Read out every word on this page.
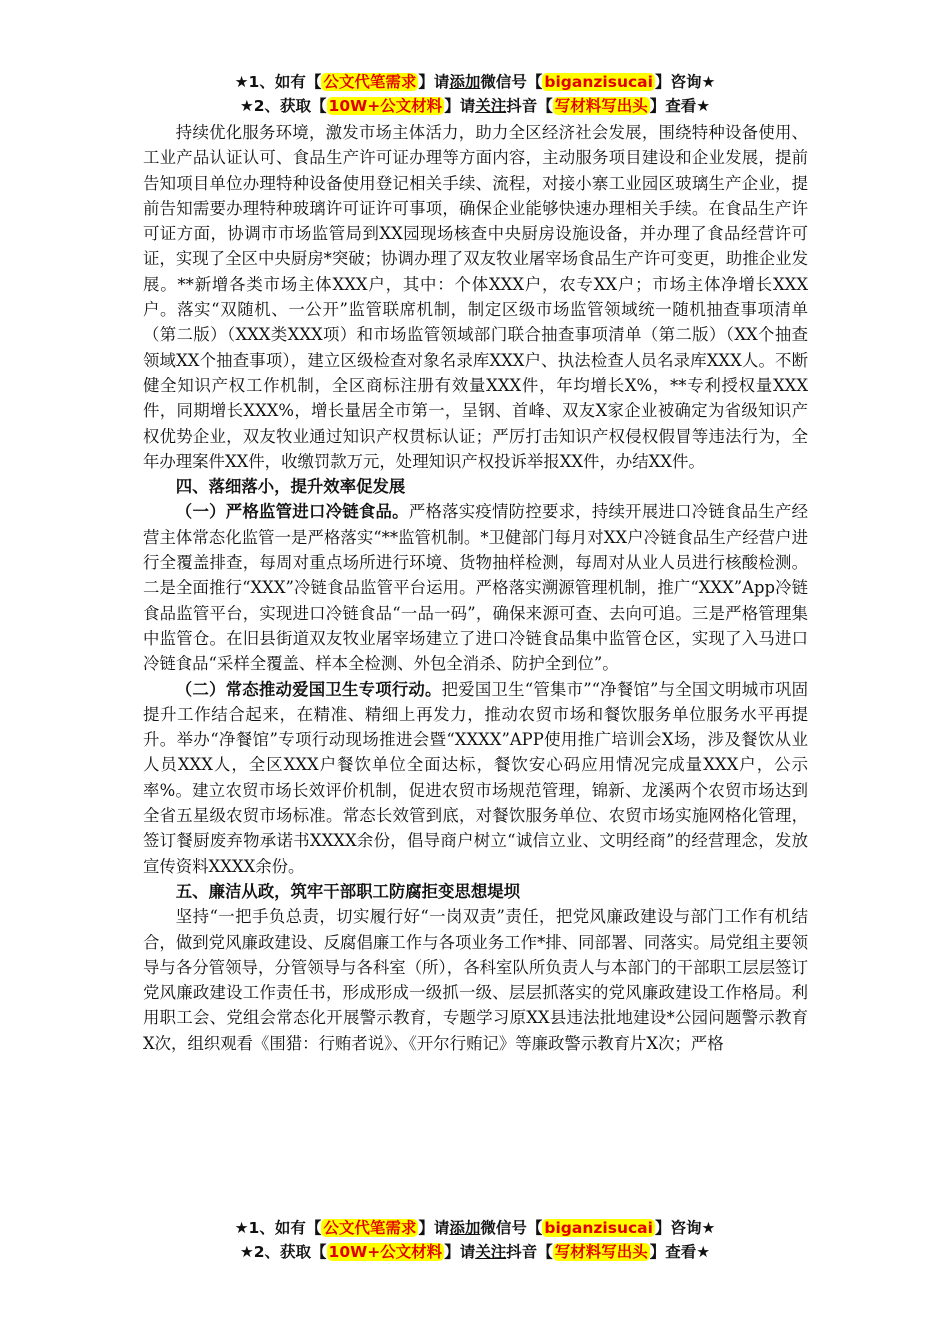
★1、如有【 公文代笔需求 】请添加微信号【 biganzisucai 】咨询★
★2、获取【 10W+公文材料 】请关注抖音【 写材料写出头 】查看★

持续优化服务环境，激发市场主体活力，助力全区经济社会发展，围绕特种设备使用、工业产品认证认可、食品生产许可证办理等方面内容，主动服务项目建设和企业发展，提前告知项目单位办理特种设备使用登记相关手续、流程，对接小寨工业园区玻璃生产企业，提前告知需要办理特种玻璃许可证许可事项，确保企业能够快速办理相关手续。在食品生产许可证方面，协调市市场监管局到XX园现场核查中央厨房设施设备，并办理了食品经营许可证，实现了全区中央厨房*突破；协调办理了双友牧业屠宰场食品生产许可变更，助推企业发展。**新增各类市场主体XXX户，其中：个体XXX户，农专XX户；市场主体净增长XXX户。落实“双随机、一公开”监管联席机制，制定区级市场监管领域统一随机抽查事项清单（第二版）（XXX类XXX项）和市场监管领域部门联合抽查事项清单（第二版）（XX个抽查领域XX个抽查事项），建立区级检查对象名录库XXX户、执法检查人员名录库XXX人。不断健全知识产权工作机制，全区商标注册有效量XXX件，年均增长X%，**专利授权量XXX件，同期增长XXX%，增长量居全市第一，呈钢、首峰、双友X家企业被确定为省级知识产权优势企业，双友牧业通过知识产权贯标认证；严厉打击知识产权侵权假冒等违法行为，全年办理案件XX件，收缴罚款万元，处理知识产权投诉举报XX件，办结XX件。

四、落细落小，提升效率促发展

（一）严格监管进口冷链食品。严格落实疫情防控要求，持续开展进口冷链食品生产经营主体常态化监管一是严格落实“**监管机制。*卫健部门每月对XX户冷链食品生产经营户进行全覆盖排查，每周对重点场所进行环境、货物抽样检测，每周对从业人员进行核酸检测。二是全面推行“XXX”冷链食品监管平台运用。严格落实溯源管理机制，推广“XXX”App冷链食品监管平台，实现进口冷链食品“一品一码”，确保来源可查、去向可追。三是严格管理集中监管仓。在旧县街道双友牧业屠宰场建立了进口冷链食品集中监管仓区，实现了入马进口冷链食品“采样全覆盖、样本全检测、外包全消杀、防护全到位”。

（二）常态推动爱国卫生专项行动。把爱国卫生“管集市”“净餐馆”与全国文明城市巩固提升工作结合起来，在精准、精细上再发力，推动农贸市场和餐饮服务单位服务水平再提升。举办“净餐馆”专项行动现场推进会暨“XXXX”APP使用推广培训会X场，涉及餐饮从业人员XXX人，全区XXX户餐饮单位全面达标，餐饮安心码应用情况完成量XXX户，公示率%。建立农贸市场长效评价机制，促进农贸市场规范管理，锦新、龙溪两个农贸市场达到全省五星级农贸市场标准。常态长效管到底，对餐饮服务单位、农贸市场实施网格化管理，签订餐厨废弃物承诺书XXXX余份，倡导商户树立“诚信立业、文明经商”的经营理念，发放宣传资料XXXX余份。

五、廉洁从政，筑牢干部职工防腐拒变思想堤坝

坚持“一把手负总责，切实履行好“一岗双责”责任，把党风廉政建设与部门工作有机结合，做到党风廉政建设、反腐倡廉工作与各项业务工作*排、同部署、同落实。局党组主要领导与各分管领导，分管领导与各科室（所），各科室队所负责人与本部门的干部职工层层签订党风廉政建设工作责任书，形成形成一级抓一级、层层抓落实的党风廉政建设工作格局。利用职工会、党组会常态化开展警示教育，专题学习原XX县违法批地建设*公园问题警示教育X次，组织观看《围猎：行贿者说》、《开尔行贿记》等廉政警示教育片X次；严格

★1、如有【 公文代笔需求 】请添加微信号【 biganzisucai 】咨询★
★2、获取【 10W+公文材料 】请关注抖音【 写材料写出头 】查看★
